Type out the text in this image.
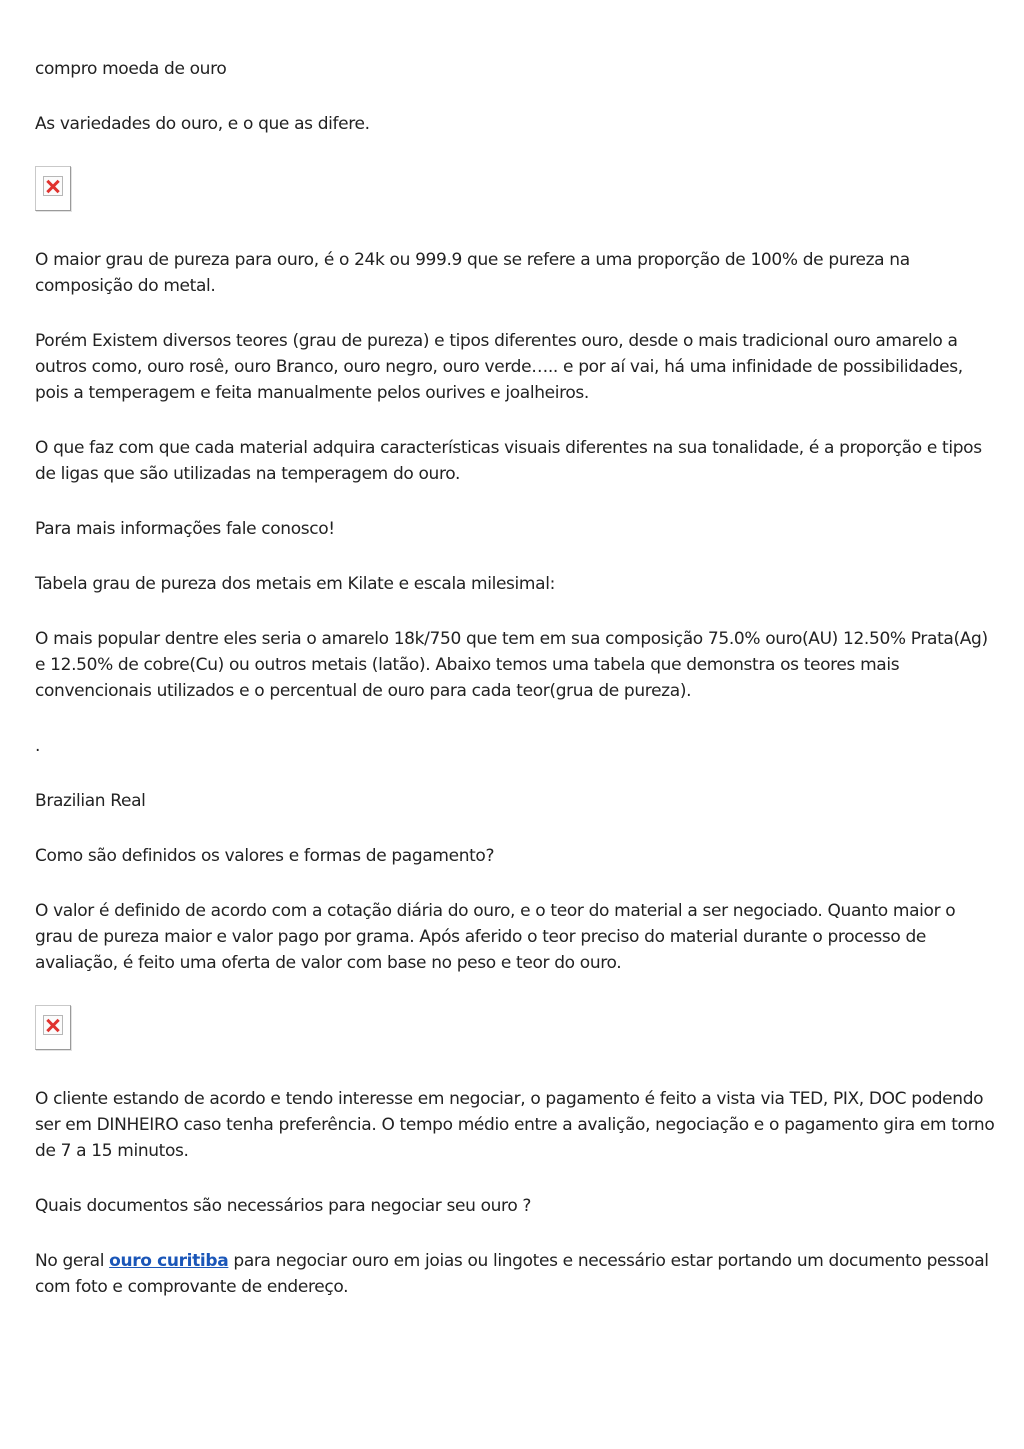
compro moeda de ouro

As variedades do ouro, e o que as difere.

O maior grau de pureza para ouro, é o 24k ou 999.9 que se refere a uma proporção de 100% de pureza na composição do metal.

Porém Existem diversos teores (grau de pureza) e tipos diferentes ouro, desde o mais tradicional ouro amarelo a outros como, ouro rosê, ouro Branco, ouro negro, ouro verde….. e por aí vai, há uma infinidade de possibilidades, pois a temperagem e feita manualmente pelos ourives e joalheiros.

O que faz com que cada material adquira características visuais diferentes na sua tonalidade, é a proporção e tipos de ligas que são utilizadas na temperagem do ouro.

Para mais informações fale conosco!

Tabela grau de pureza dos metais em Kilate e escala milesimal:

O mais popular dentre eles seria o amarelo 18k/750 que tem em sua composição 75.0% ouro(AU) 12.50% Prata(Ag) e 12.50% de cobre(Cu) ou outros metais (latão). Abaixo temos uma tabela que demonstra os teores mais convencionais utilizados e o percentual de ouro para cada teor(grua de pureza).

.

Brazilian Real

Como são definidos os valores e formas de pagamento?

O valor é definido de acordo com a cotação diária do ouro, e o teor do material a ser negociado. Quanto maior o grau de pureza maior e valor pago por grama. Após aferido o teor preciso do material durante o processo de avaliação, é feito uma oferta de valor com base no peso e teor do ouro.

O cliente estando de acordo e tendo interesse em negociar, o pagamento é feito a vista via TED, PIX, DOC podendo ser em DINHEIRO caso tenha preferência. O tempo médio entre a avalição, negociação e o pagamento gira em torno de 7 a 15 minutos.

Quais documentos são necessários para negociar seu ouro ?

No geral ouro curitiba para negociar ouro em joias ou lingotes e necessário estar portando um documento pessoal com foto e comprovante de endereço.
